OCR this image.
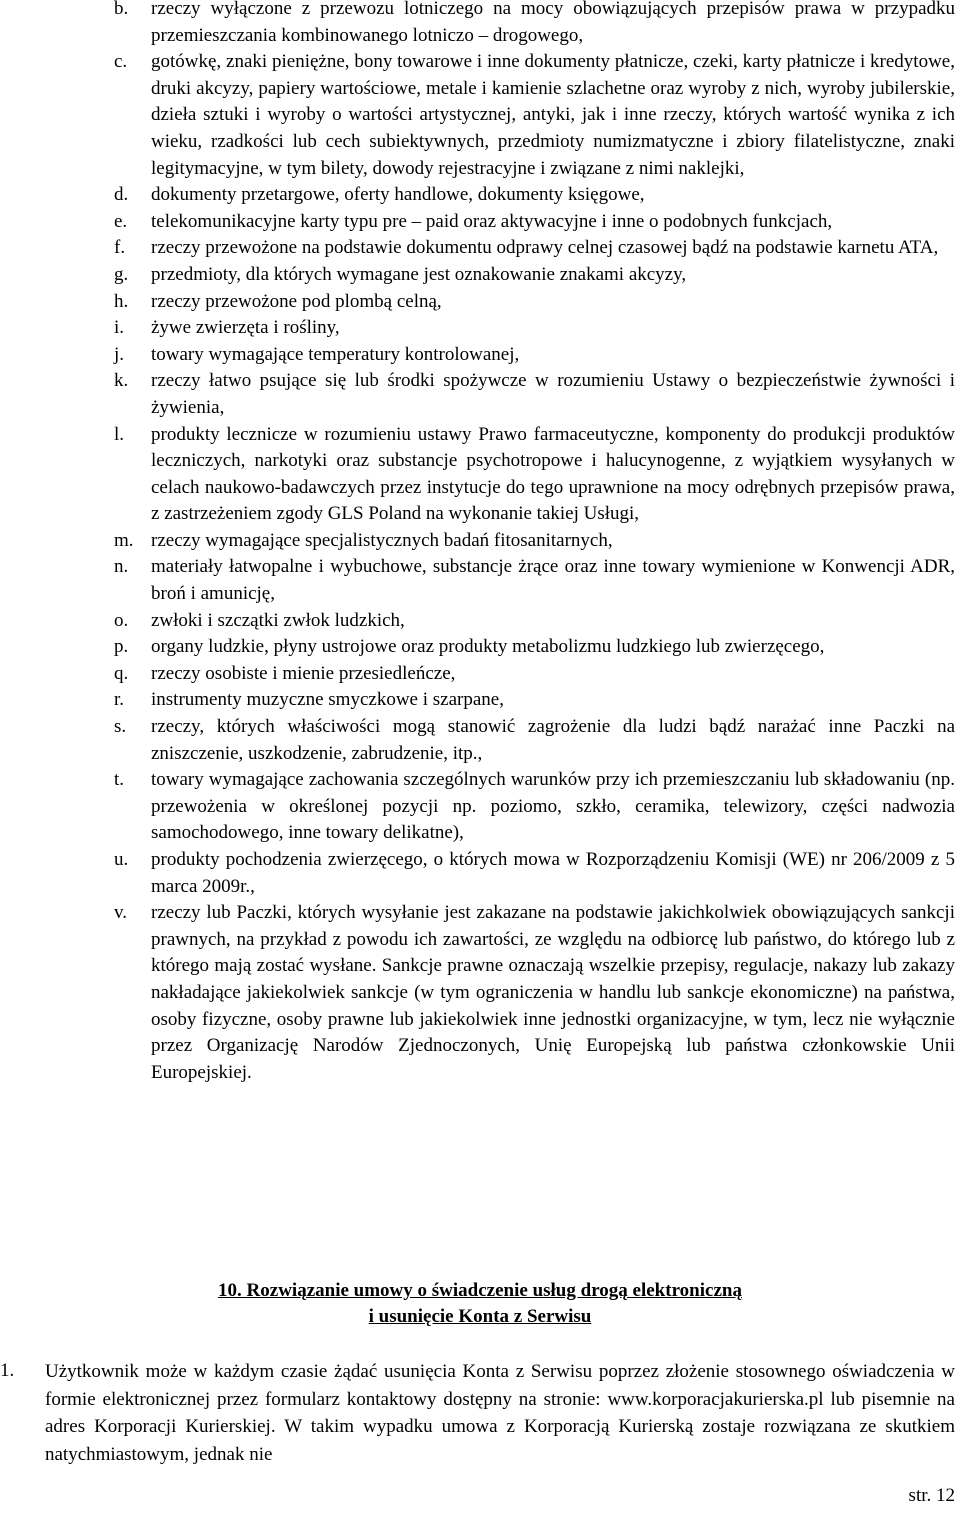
b. rzeczy wyłączone z przewozu lotniczego na mocy obowiązujących przepisów prawa w przypadku przemieszczania kombinowanego lotniczo – drogowego,
c. gotówkę, znaki pieniężne, bony towarowe i inne dokumenty płatnicze, czeki, karty płatnicze i kredytowe, druki akcyzy, papiery wartościowe, metale i kamienie szlachetne oraz wyroby z nich, wyroby jubilerskie, dzieła sztuki i wyroby o wartości artystycznej, antyki, jak i inne rzeczy, których wartość wynika z ich wieku, rzadkości lub cech subiektywnych, przedmioty numizmatyczne i zbiory filatelistyczne, znaki legitymacyjne, w tym bilety, dowody rejestracyjne i związane z nimi naklejki,
d. dokumenty przetargowe, oferty handlowe, dokumenty księgowe,
e. telekomunikacyjne karty typu pre – paid oraz aktywacyjne i inne o podobnych funkcjach,
f. rzeczy przewożone na podstawie dokumentu odprawy celnej czasowej bądź na podstawie karnetu ATA,
g. przedmioty, dla których wymagane jest oznakowanie znakami akcyzy,
h. rzeczy przewożone pod plombą celną,
i. żywe zwierzęta i rośliny,
j. towary wymagające temperatury kontrolowanej,
k. rzeczy łatwo psujące się lub środki spożywcze w rozumieniu Ustawy o bezpieczeństwie żywności i żywienia,
l. produkty lecznicze w rozumieniu ustawy Prawo farmaceutyczne, komponenty do produkcji produktów leczniczych, narkotyki oraz substancje psychotropowe i halucynogenne, z wyjątkiem wysyłanych w celach naukowo-badawczych przez instytucje do tego uprawnione na mocy odrębnych przepisów prawa, z zastrzeżeniem zgody GLS Poland na wykonanie takiej Usługi,
m. rzeczy wymagające specjalistycznych badań fitosanitarnych,
n. materiały łatwopalne i wybuchowe, substancje żrące oraz inne towary wymienione w Konwencji ADR, broń i amunicję,
o. zwłoki i szczątki zwłok ludzkich,
p. organy ludzkie, płyny ustrojowe oraz produkty metabolizmu ludzkiego lub zwierzęcego,
q. rzeczy osobiste i mienie przesiedleńcze,
r. instrumenty muzyczne smyczkowe i szarpane,
s. rzeczy, których właściwości mogą stanowić zagrożenie dla ludzi bądź narażać inne Paczki na zniszczenie, uszkodzenie, zabrudzenie, itp.,
t. towary wymagające zachowania szczególnych warunków przy ich przemieszczaniu lub składowaniu (np. przewożenia w określonej pozycji np. poziomo, szkło, ceramika, telewizory, części nadwozia samochodowego, inne towary delikatne),
u. produkty pochodzenia zwierzęcego, o których mowa w Rozporządzeniu Komisji (WE) nr 206/2009 z 5 marca 2009r.,
v. rzeczy lub Paczki, których wysyłanie jest zakazane na podstawie jakichkolwiek obowiązujących sankcji prawnych, na przykład z powodu ich zawartości, ze względu na odbiorcę lub państwo, do którego lub z którego mają zostać wysłane. Sankcje prawne oznaczają wszelkie przepisy, regulacje, nakazy lub zakazy nakładające jakiekolwiek sankcje (w tym ograniczenia w handlu lub sankcje ekonomiczne) na państwa, osoby fizyczne, osoby prawne lub jakiekolwiek inne jednostki organizacyjne, w tym, lecz nie wyłącznie przez Organizację Narodów Zjednoczonych, Unię Europejską lub państwa członkowskie Unii Europejskiej.
10. Rozwiązanie umowy o świadczenie usług drogą elektroniczną
i usunięcie Konta z Serwisu
1. Użytkownik może w każdym czasie żądać usunięcia Konta z Serwisu poprzez złożenie stosownego oświadczenia w formie elektronicznej przez formularz kontaktowy dostępny na stronie: www.korporacjakurierska.pl lub pisemnie na adres Korporacji Kurierskiej. W takim wypadku umowa z Korporacją Kurierską zostaje rozwiązana ze skutkiem natychmiastowym, jednak nie
str. 12
